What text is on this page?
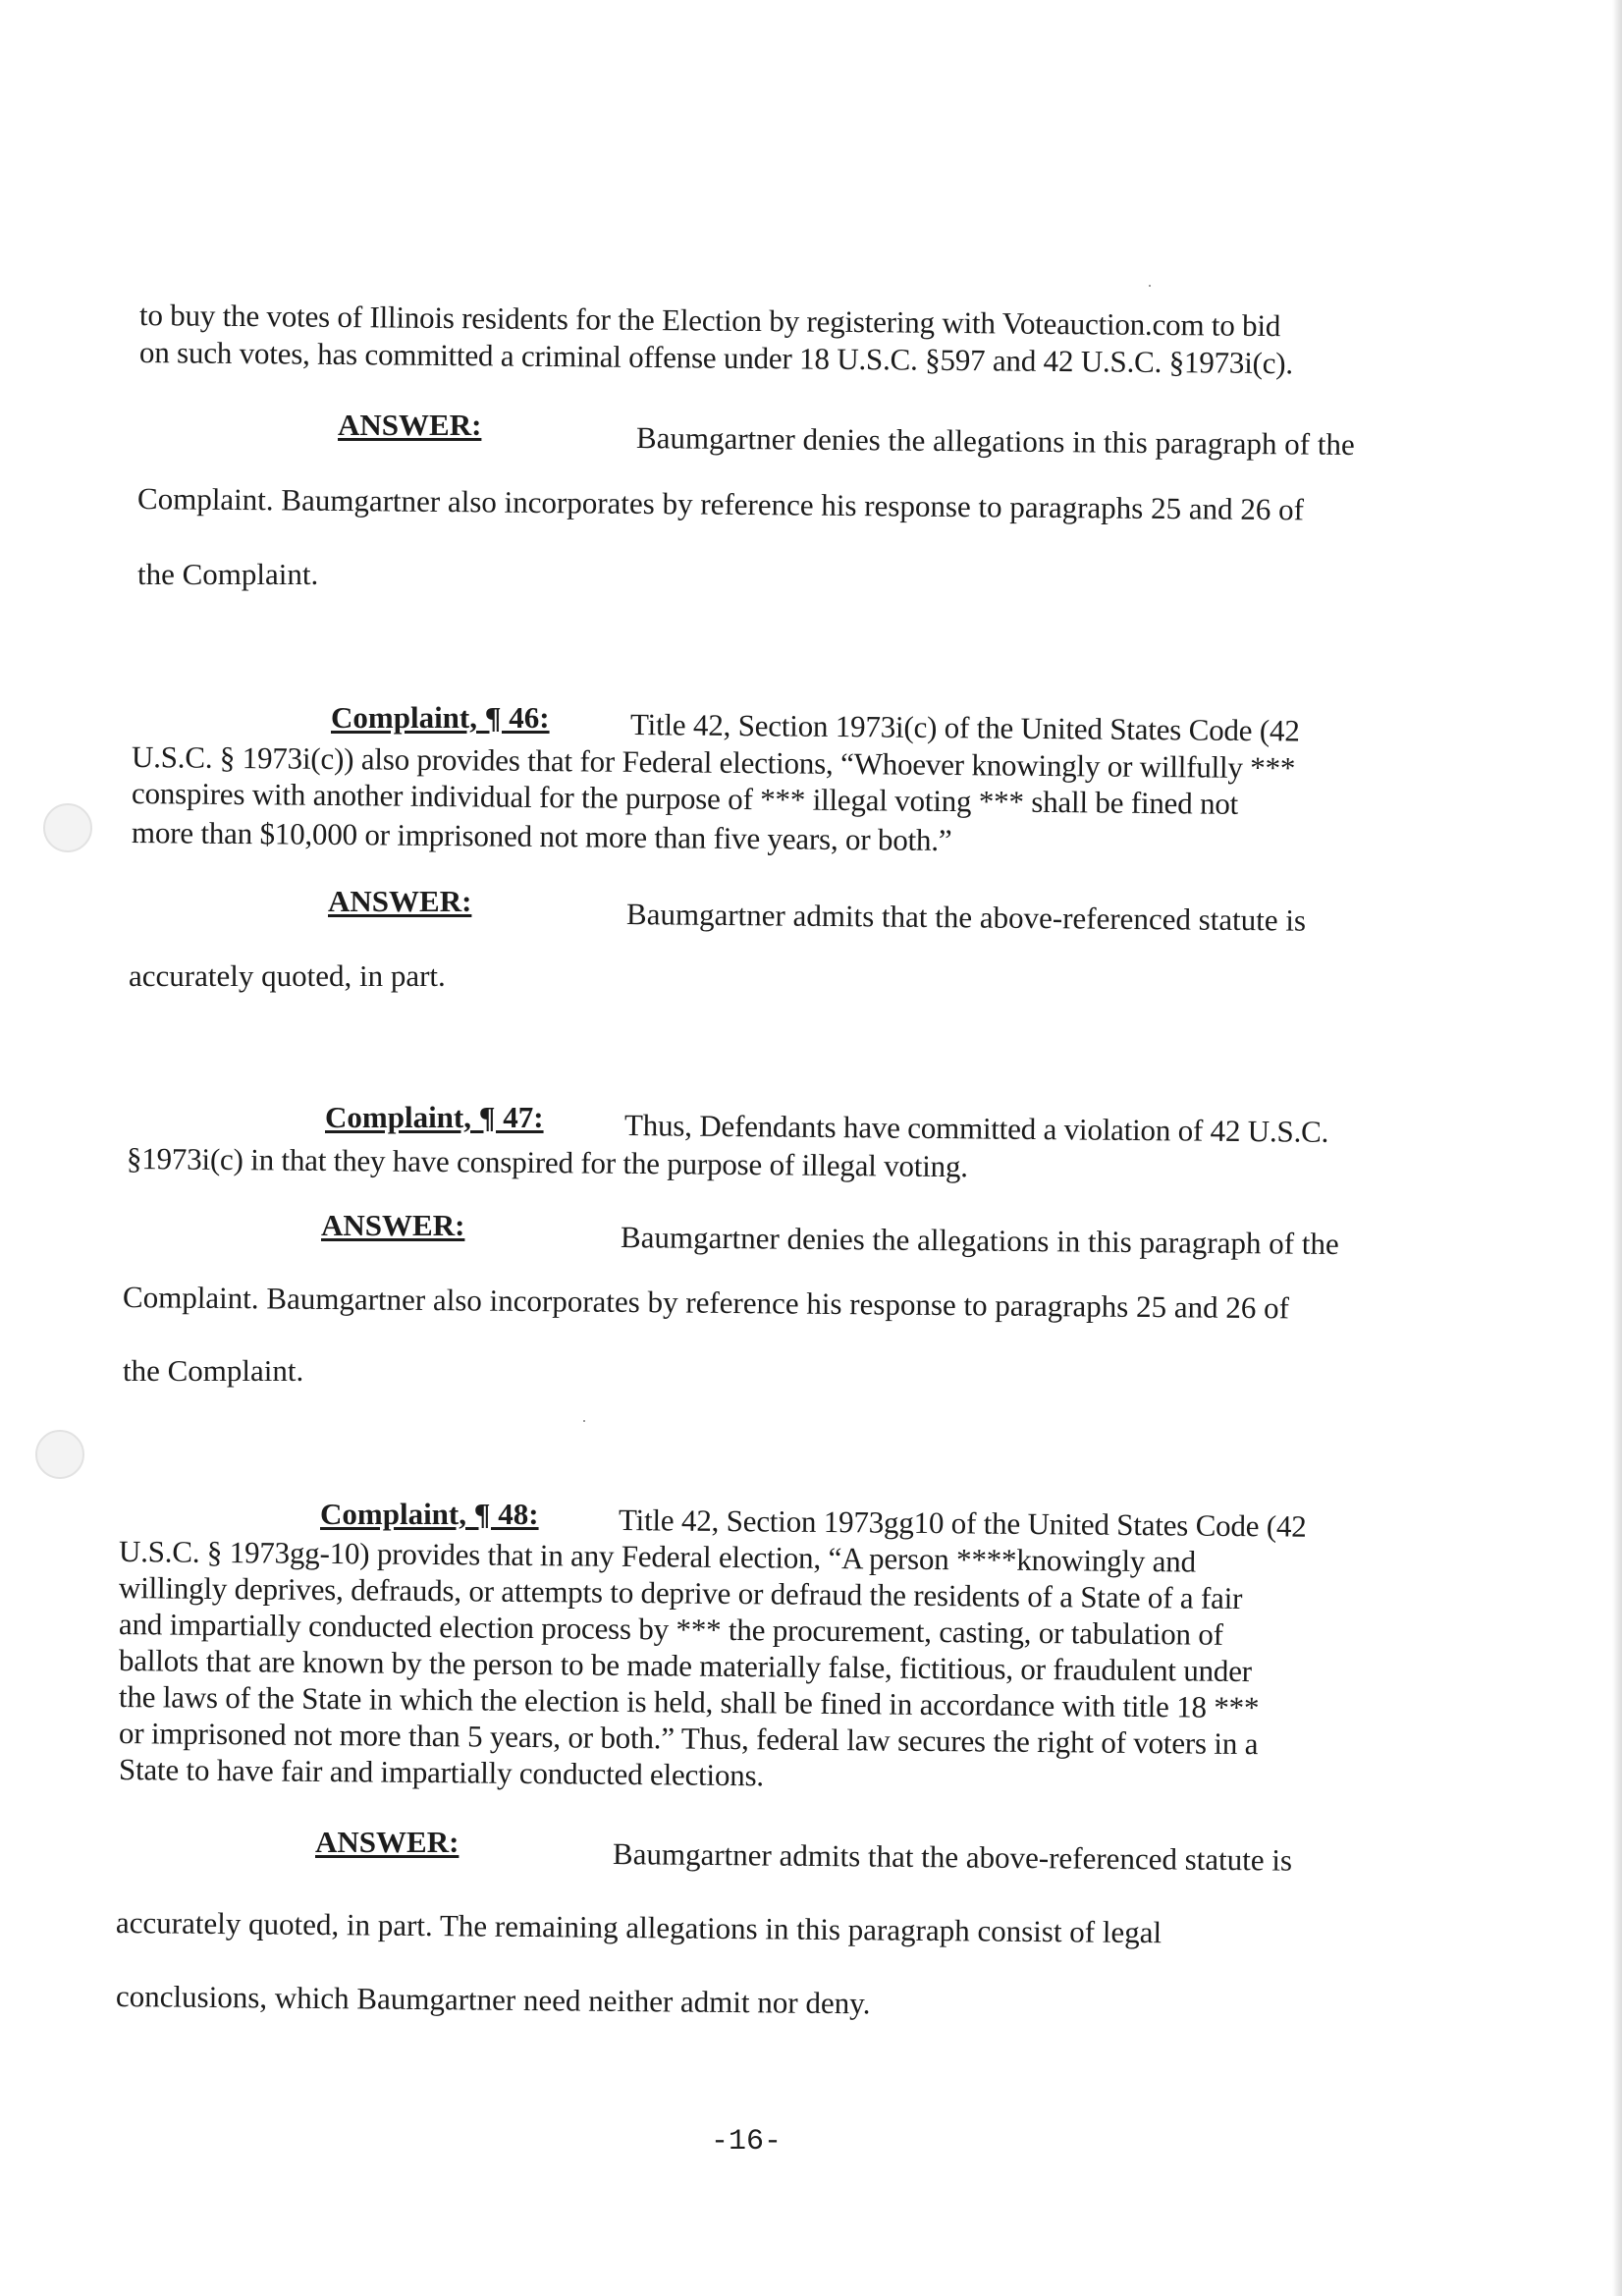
to buy the votes of Illinois residents for the Election by registering with Voteauction.com to bid
on such votes, has committed a criminal offense under 18 U.S.C. §597 and 42 U.S.C. §1973i(c).
ANSWER:	Baumgartner denies the allegations in this paragraph of the
Complaint. Baumgartner also incorporates by reference his response to paragraphs 25 and 26 of
the Complaint.
Complaint, ¶ 46:	Title 42, Section 1973i(c) of the United States Code (42
U.S.C. § 1973i(c)) also provides that for Federal elections, “Whoever knowingly or willfully ***
conspires with another individual for the purpose of *** illegal voting *** shall be fined not
more than $10,000 or imprisoned not more than five years, or both.”
ANSWER:	Baumgartner admits that the above-referenced statute is
accurately quoted, in part.
Complaint, ¶ 47:	Thus, Defendants have committed a violation of 42 U.S.C.
§1973i(c) in that they have conspired for the purpose of illegal voting.
ANSWER:	Baumgartner denies the allegations in this paragraph of the
Complaint. Baumgartner also incorporates by reference his response to paragraphs 25 and 26 of
the Complaint.
Complaint, ¶ 48:	Title 42, Section 1973gg10 of the United States Code (42
U.S.C. § 1973gg-10) provides that in any Federal election, “A person ****knowingly and
willingly deprives, defrauds, or attempts to deprive or defraud the residents of a State of a fair
and impartially conducted election process by *** the procurement, casting, or tabulation of
ballots that are known by the person to be made materially false, fictitious, or fraudulent under
the laws of the State in which the election is held, shall be fined in accordance with title 18 ***
or imprisoned not more than 5 years, or both.” Thus, federal law secures the right of voters in a
State to have fair and impartially conducted elections.
ANSWER:	Baumgartner admits that the above-referenced statute is
accurately quoted, in part. The remaining allegations in this paragraph consist of legal
conclusions, which Baumgartner need neither admit nor deny.
-16-
